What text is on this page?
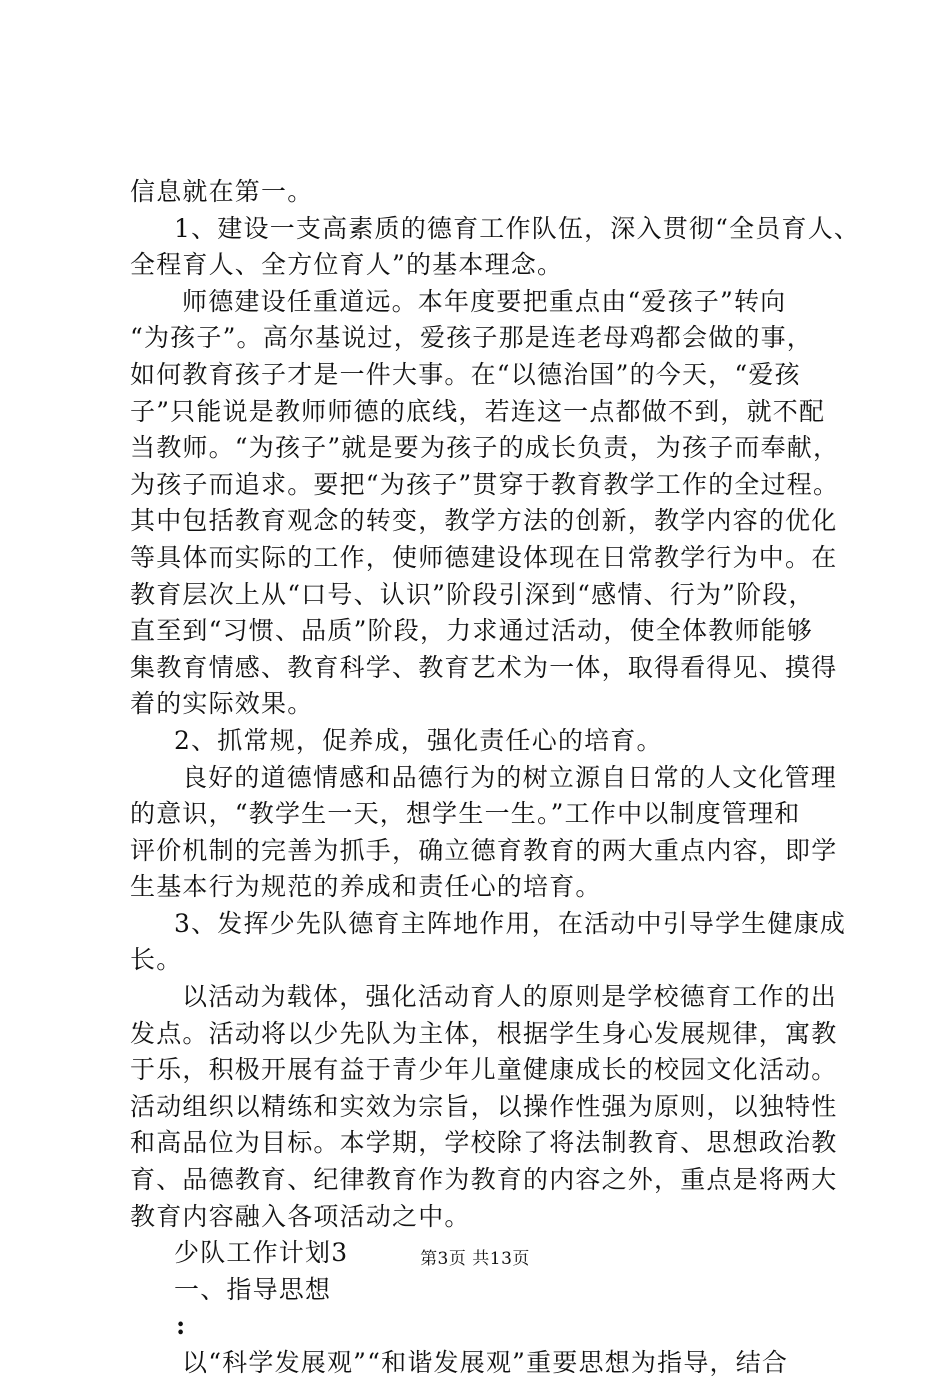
信息就在第一。
1、建设一支高素质的德育工作队伍，深入贯彻“全员育人、
全程育人、全方位育人”的基本理念。
师德建设任重道远。本年度要把重点由“爱孩子”转向
“为孩子”。高尔基说过，爱孩子那是连老母鸡都会做的事，
如何教育孩子才是一件大事。在“以德治国”的今天，“爱孩
子”只能说是教师师德的底线，若连这一点都做不到，就不配
当教师。“为孩子”就是要为孩子的成长负责，为孩子而奉献，
为孩子而追求。要把“为孩子”贯穿于教育教学工作的全过程。
其中包括教育观念的转变，教学方法的创新，教学内容的优化
等具体而实际的工作，使师德建设体现在日常教学行为中。在
教育层次上从“口号、认识”阶段引深到“感情、行为”阶段，
直至到“习惯、品质”阶段，力求通过活动，使全体教师能够
集教育情感、教育科学、教育艺术为一体，取得看得见、摸得
着的实际效果。
2、抓常规，促养成，强化责任心的培育。
良好的道德情感和品德行为的树立源自日常的人文化管理
的意识，“教学生一天，想学生一生。”工作中以制度管理和
评价机制的完善为抓手，确立德育教育的两大重点内容，即学
生基本行为规范的养成和责任心的培育。
3、发挥少先队德育主阵地作用，在活动中引导学生健康成
长。
以活动为载体，强化活动育人的原则是学校德育工作的出
发点。活动将以少先队为主体，根据学生身心发展规律，寓教
于乐，积极开展有益于青少年儿童健康成长的校园文化活动。
活动组织以精练和实效为宗旨，以操作性强为原则，以独特性
和高品位为目标。本学期，学校除了将法制教育、思想政治教
育、品德教育、纪律教育作为教育的内容之外，重点是将两大
教育内容融入各项活动之中。
少队工作计划3
一、指导思想
:
以“科学发展观”“和谐发展观”重要思想为指导，结合
第3页 共13页
